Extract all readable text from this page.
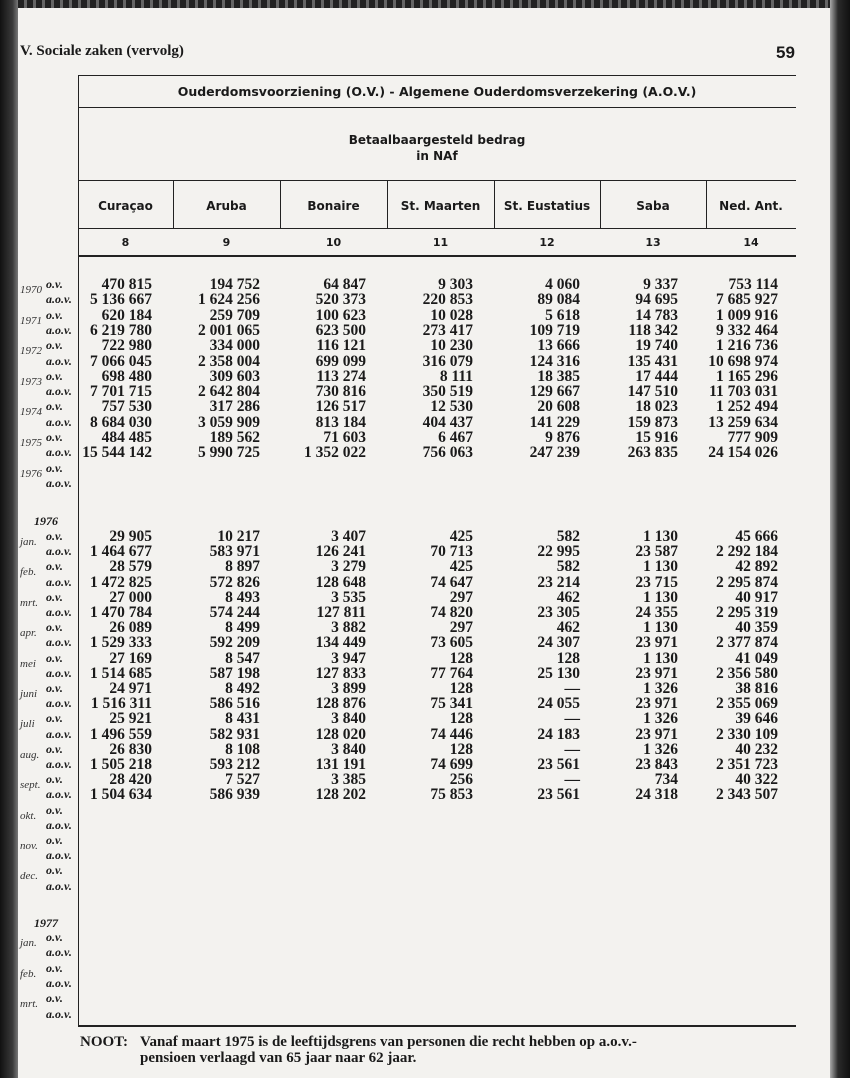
V. Sociale zaken (vervolg)	59
Ouderdomsvoorziening (O.V.) - Algemene Ouderdomsverzekering (A.O.V.)
Betaalbaargesteld bedrag
in NAf
Curaçao
8
Aruba
9
Bonaire
10
St. Maarten
11
St. Eustatius
12
Saba
13
Ned. Ant.
14
1970 o.v.	470 815	194 752	64 847	9 303	4 060	9 337	753 114
a.o.v.	5 136 667	1 624 256	520 373	220 853	89 084	94 695	7 685 927
1971 o.v.	620 184	259 709	100 623	10 028	5 618	14 783	1 009 916
a.o.v.	6 219 780	2 001 065	623 500	273 417	109 719	118 342	9 332 464
1972 o.v.	722 980	334 000	116 121	10 230	13 666	19 740	1 216 736
a.o.v.	7 066 045	2 358 004	699 099	316 079	124 316	135 431	10 698 974
1973 o.v.	698 480	309 603	113 274	8 111	18 385	17 444	1 165 296
a.o.v.	7 701 715	2 642 804	730 816	350 519	129 667	147 510	11 703 031
1974 o.v.	757 530	317 286	126 517	12 530	20 608	18 023	1 252 494
a.o.v.	8 684 030	3 059 909	813 184	404 437	141 229	159 873	13 259 634
1975 o.v.	484 485	189 562	71 603	6 467	9 876	15 916	777 909
a.o.v. 15 544 142	5 990 725	1 352 022	756 063	247 239	263 835	24 154 026
1976 o.v.
a.o.v.
1976
jan. o.v.	29 905	10 217	3 407	425	582	1 130	45 666
a.o.v.	1 464 677	583 971	126 241	70 713	22 995	23 587	2 292 184
feb. o.v.	28 579	8 897	3 279	425	582	1 130	42 892
a.o.v.	1 472 825	572 826	128 648	74 647	23 214	23 715	2 295 874
mrt. o.v.	27 000	8 493	3 535	297	462	1 130	40 917
a.o.v.	1 470 784	574 244	127 811	74 820	23 305	24 355	2 295 319
apr. o.v.	26 089	8 499	3 882	297	462	1 130	40 359
a.o.v.	1 529 333	592 209	134 449	73 605	24 307	23 971	2 377 874
mei o.v.	27 169	8 547	3 947	128	128	1 130	41 049
a.o.v.	1 514 685	587 198	127 833	77 764	25 130	23 971	2 356 580
juni o.v.	24 971	8 492	3 899	128	—	1 326	38 816
a.o.v.	1 516 311	586 516	128 876	75 341	24 055	23 971	2 355 069
juli o.v.	25 921	8 431	3 840	128	—	1 326	39 646
a.o.v.	1 496 559	582 931	128 020	74 446	24 183	23 971	2 330 109
aug. o.v.	26 830	8 108	3 840	128	—	1 326	40 232
a.o.v.	1 505 218	593 212	131 191	74 699	23 561	23 843	2 351 723
sept. o.v.	28 420	7 527	3 385	256	—	734	40 322
a.o.v.	1 504 634	586 939	128 202	75 853	23 561	24 318	2 343 507
okt. o.v.
a.o.v.
nov. o.v.
a.o.v.
dec. o.v.
a.o.v.
1977
jan. o.v.
a.o.v.
feb. o.v.
a.o.v.
mrt. o.v.
a.o.v.
NOOT: Vanaf maart 1975 is de leeftijdsgrens van personen die recht hebben op a.o.v.-
pensioen verlaagd van 65 jaar naar 62 jaar.
